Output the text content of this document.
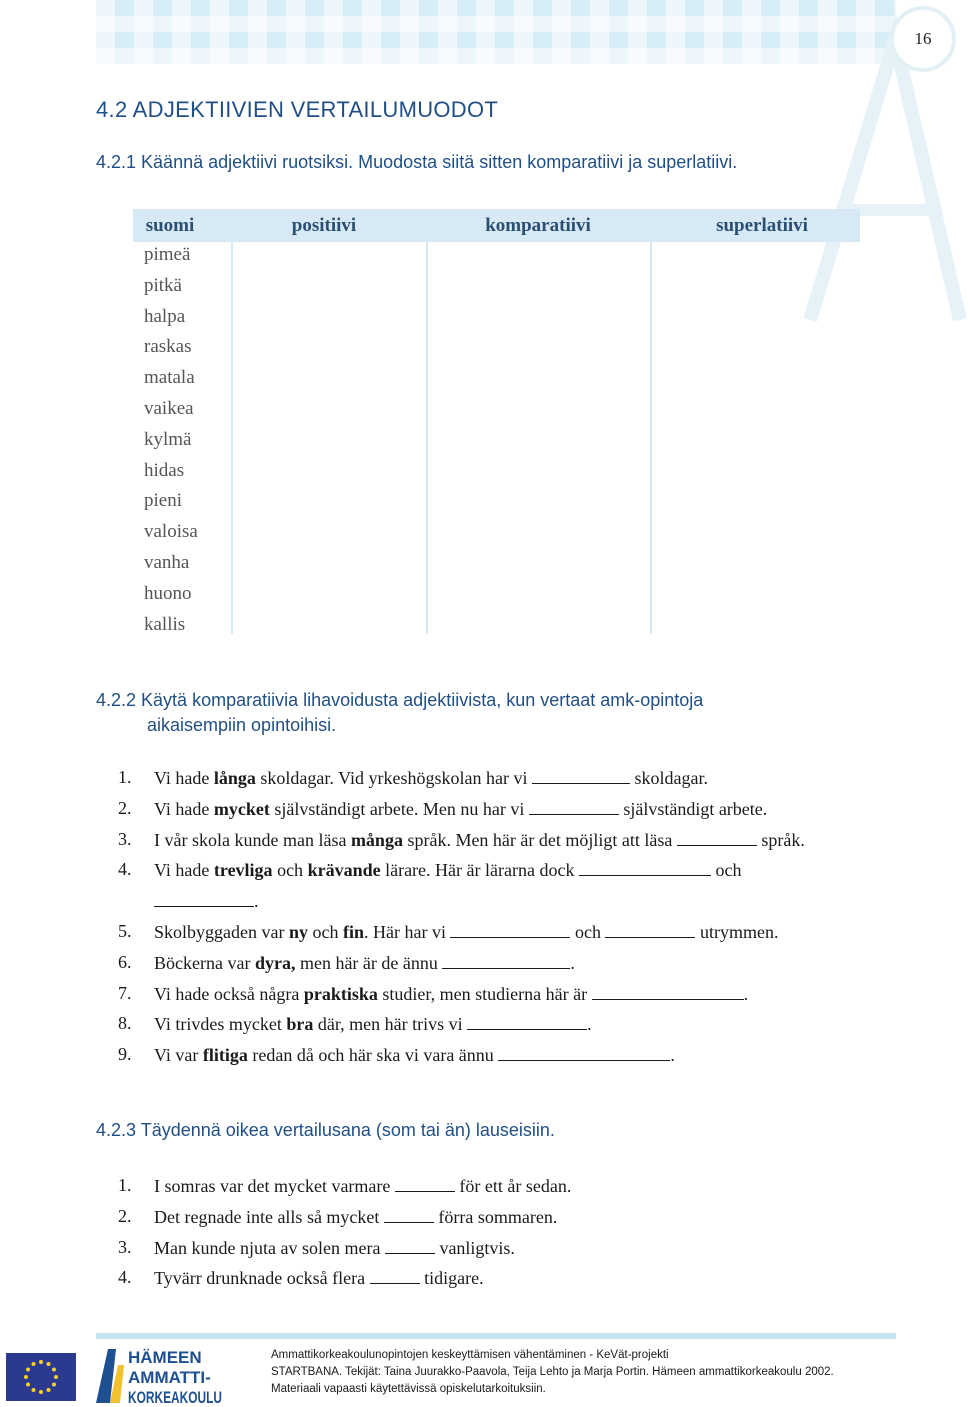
16
4.2 ADJEKTIIVIEN VERTAILUMUODOT
4.2.1 Käännä adjektiivi ruotsiksi. Muodosta siitä sitten komparatiivi ja superlatiivi.
suomi	positiivi	komparatiivi	superlatiivi
pimeä
pitkä
halpa
raskas
matala
vaikea
kylmä
hidas
pieni
valoisa
vanha
huono
kallis
4.2.2 Käytä komparatiivia lihavoidusta adjektiivista, kun vertaat amk-opintoja
aikaisempiin opintoihisi.
1. Vi hade långa skoldagar. Vid yrkeshögskolan har vi	skoldagar.
2. Vi hade mycket självständigt arbete. Men nu har vi	självständigt arbete.
3. I vår skola kunde man läsa många språk. Men här är det möjligt att läsa	språk.
4. Vi hade trevliga och krävande lärare. Här är lärarna dock	och
.
5. Skolbyggaden var ny och fin. Här har vi	och	utrymmen.
6. Böckerna var dyra, men här är de ännu	.
7. Vi hade också några praktiska studier, men studierna här är	.
8. Vi trivdes mycket bra där, men här trivs vi	.
9. Vi var flitiga redan då och här ska vi vara ännu	.
4.2.3 Täydennä oikea vertailusana (som tai än) lauseisiin.
1. I somras var det mycket varmare	för ett år sedan.
2. Det regnade inte alls så mycket	förra sommaren.
3. Man kunde njuta av solen mera	vanligtvis.
4. Tyvärr drunknade också flera	tidigare.
HÄMEEN
AMMATTI-
KORKEAKOULU
Ammattikorkeakoulunopintojen keskeyttämisen vähentäminen - KeVät-projekti
STARTBANA. Tekijät: Taina Juurakko-Paavola, Teija Lehto ja Marja Portin. Hämeen ammattikorkeakoulu 2002.
Materiaali vapaasti käytettävissä opiskelutarkoituksiin.
